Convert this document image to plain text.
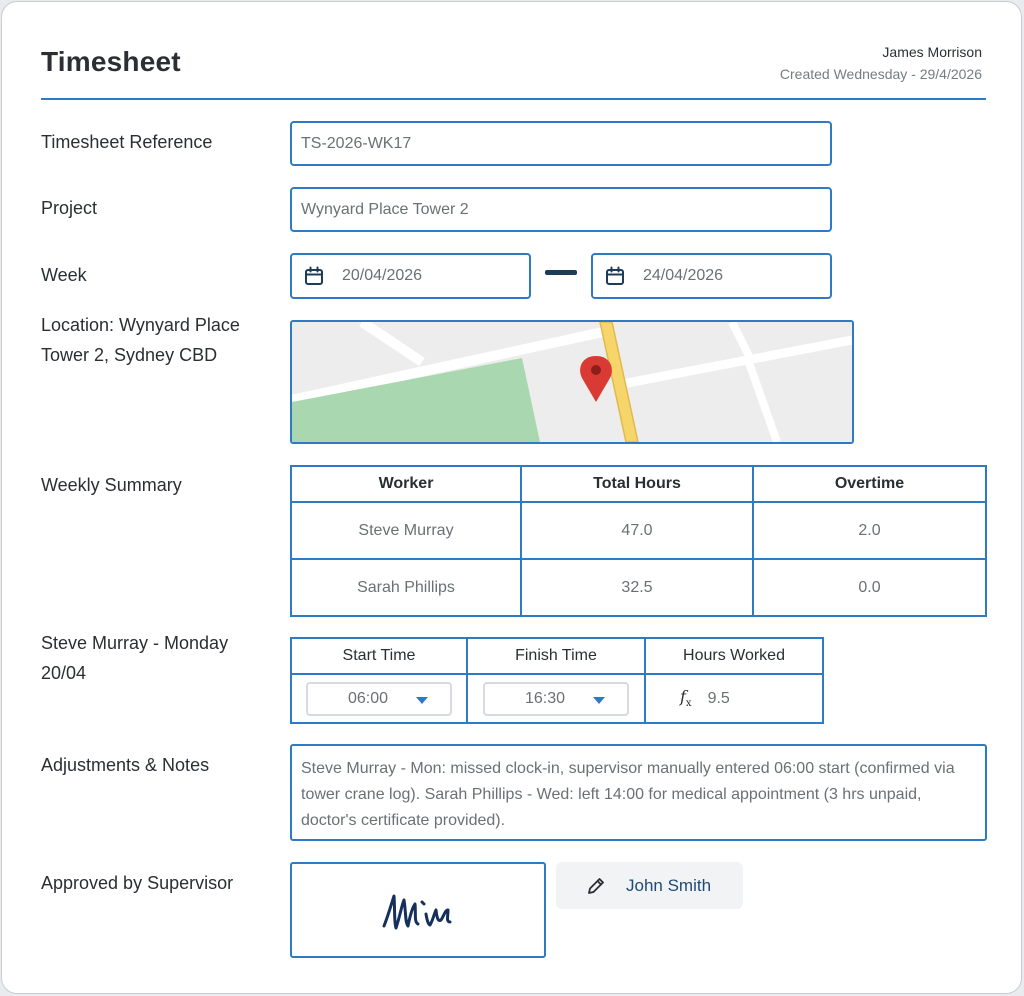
Timesheet	James Morrison
Created Wednesday - 29/4/2026
Timesheet Reference	TS-2026-WK17
Project	Wynyard Place Tower 2
Week	20/04/2026	24/04/2026
Location: Wynyard Place
Tower 2, Sydney CBD
Weekly Summary	Worker	Total Hours	Overtime
Steve Murray	47.0	2.0
Sarah Phillips	32.5	0.0
Steve Murray - Monday
20/04
Start Time	Finish Time	Hours Worked

06:00	16:30	$f_x$ 9.5
Adjustments & Notes	Steve Murray - Mon: missed clock-in, supervisor manually entered 06:00 start (confirmed via tower crane log). Sarah Phillips - Wed: left 14:00 for medical appointment (3 hrs unpaid, doctor's certificate provided).
Approved by Supervisor	John Smith
